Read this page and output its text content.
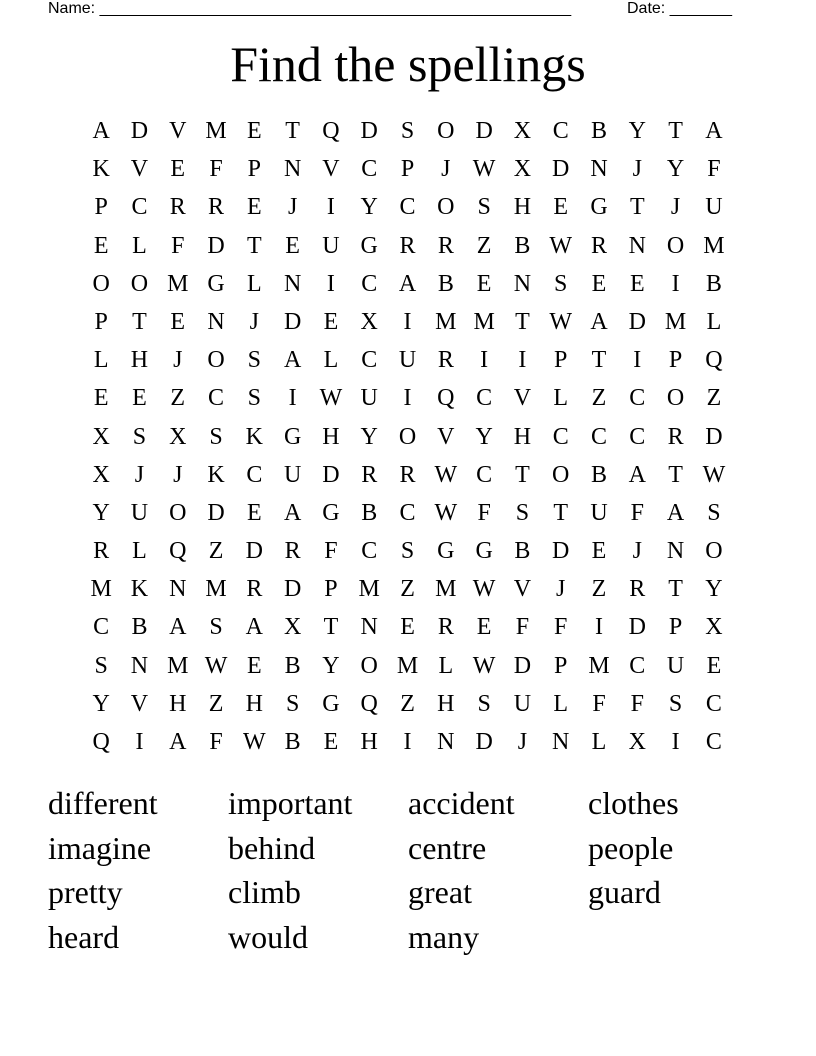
Name: _____________________________________________________	Date: _______
Find the spellings
A D V M E T Q D S O D X C B Y T A
K V E	F	P N V C P	J W X D N	J	Y F
P C R R E	J	I	Y C O S H E G T	J	U
E L	F D T E U G R R Z B W R N O M
O O M G L N	I	C A B E N S	E E	I	B
P	T E N	J	D E X	I M M T W A D M L
L H	J	O S A L C U R	I	I	P	T	I	P Q
E E Z C S	I W U	I	Q C V L Z C O Z
X S X S K G H Y O V Y H C C C R D
X	J	J	K C U D R R W C T O B A T W
Y U O D E A G B C W F	S	T U F A S
R L Q Z D R F C S G G B D E	J	N O
M K N M R D P M Z M W V	J	Z R T Y
C B A S A X T N E R E	F	F	I	D P X
S N M W E B Y O M L W D P M C U E
Y V H Z H S G Q Z H S U L	F	F	S C
Q	I	A F W B E H	I	N D	J	N L X	I	C
different	important	accident	clothes
imagine	behind	centre	people
pretty	climb	great	guard
heard	would	many
